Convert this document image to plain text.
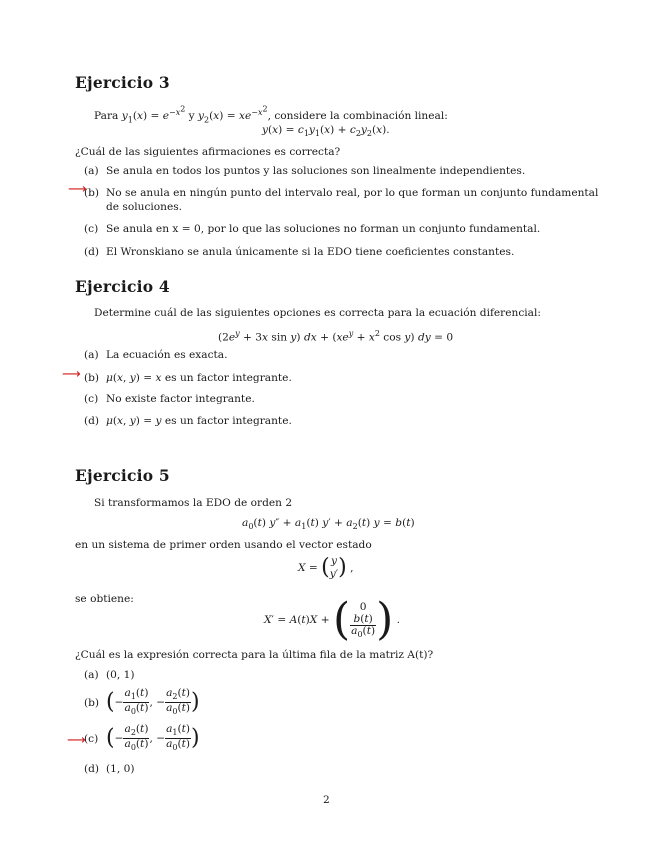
Ejercicio 3
Para $y_1(x) = e^{-x^2}$ y $y_2(x) = xe^{-x^2}$, considere la combinación lineal:
$y(x) = c_1y_1(x) + c_2y_2(x)$.
¿Cuál de las siguientes afirmaciones es correcta?
(a) Se anula en todos los puntos y las soluciones son linealmente independientes.
⟶
(b) No se anula en ningún punto del intervalo real, por lo que forman un conjunto fundamental
de soluciones.
(c) Se anula en x = 0, por lo que las soluciones no forman un conjunto fundamental.
(d) El Wronskiano se anula únicamente si la EDO tiene coeficientes constantes.
Ejercicio 4
Determine cuál de las siguientes opciones es correcta para la ecuación diferencial:
($2e^y + 3x$ sin y) dx + ($xe^y + x^2$ cos y) dy = 0
(a) La ecuación es exacta.
⟶ (b) μ(x, y) = x es un factor integrante.
(c) No existe factor integrante.
(d) μ(x, y) = y es un factor integrante.
Ejercicio 5
Si transformamos la EDO de orden 2
$a_0(t) y'' + a_1(t) y' + a_2(t) y = b(t)$
en un sistema de primer orden usando el vector estado
X = (y
y′) ,
se obtiene:
X′ = A(t)X + ( 0

$\frac{b(t)}{a_0(t)}$ ) .
¿Cuál es la expresión correcta para la última fila de la matriz A(t)?
(a) (0, 1)
(b) (− $\frac{a_1(t)}{a_0(t)}$ , − $\frac{a_2(t)}{a_0(t)}$ )
⟶
(c) (− $\frac{a_2(t)}{a_0(t)}$ , − $\frac{a_1(t)}{a_0(t)}$ )
(d) (1, 0)
2
